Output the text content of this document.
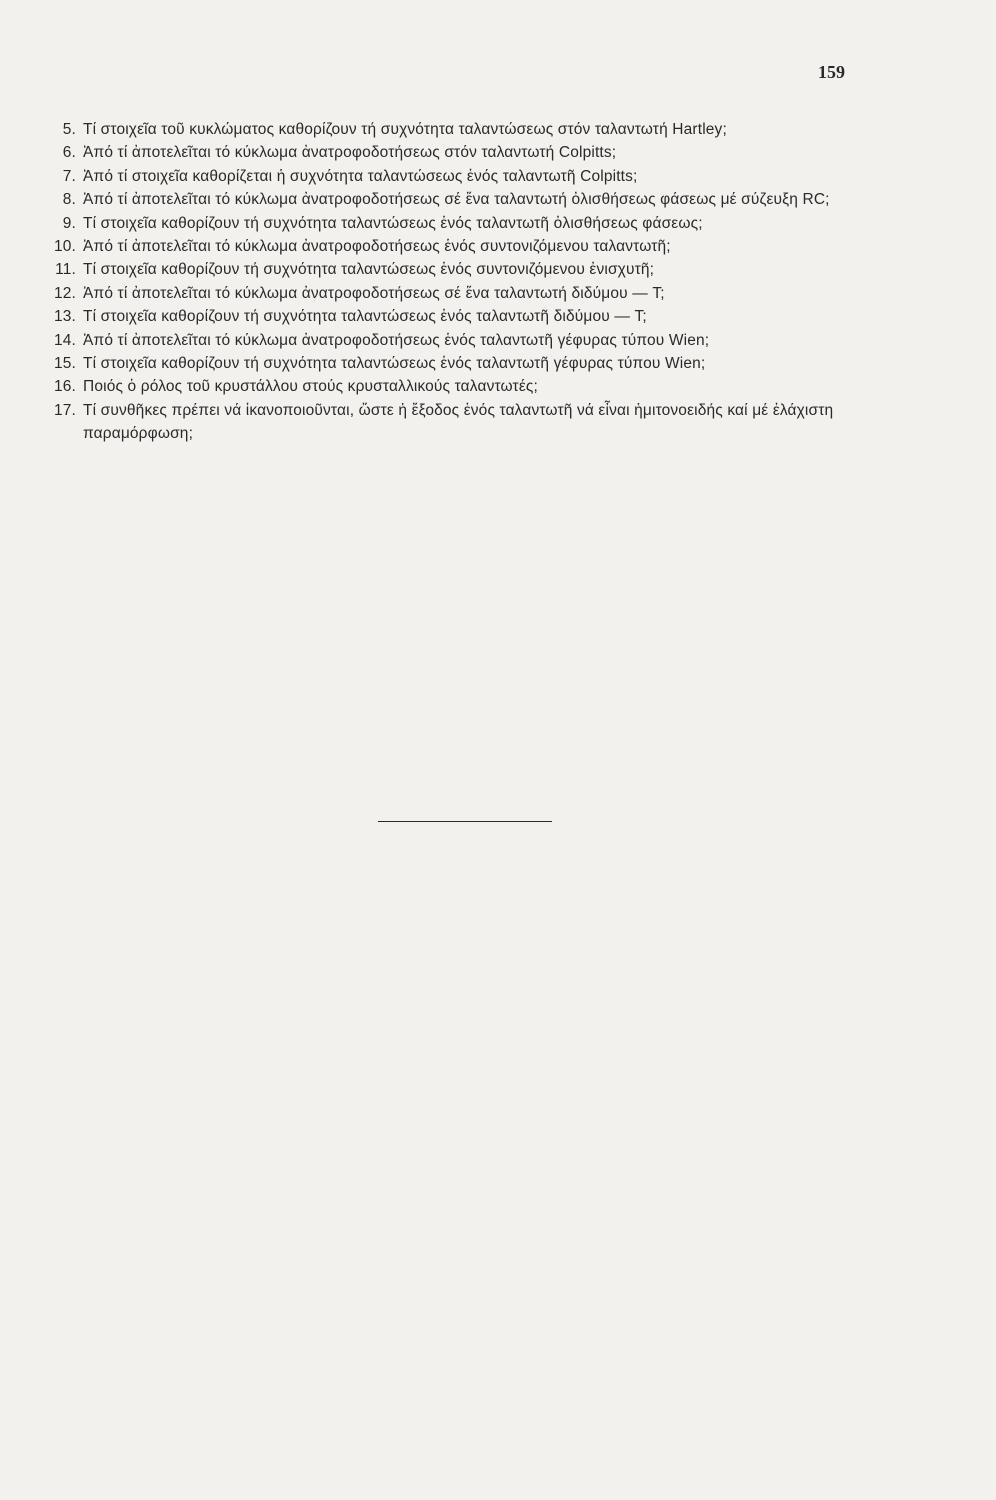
159
5. Τί στοιχεῖα τοῦ κυκλώματος καθορίζουν τή συχνότητα ταλαντώσεως στόν ταλαντωτή Hartley;
6. Ἀπό τί ἀποτελεῖται τό κύκλωμα ἀνατροφοδοτήσεως στόν ταλαντωτή Colpitts;
7. Ἀπό τί στοιχεῖα καθορίζεται ἡ συχνότητα ταλαντώσεως ἑνός ταλαντωτῆ Colpitts;
8. Ἀπό τί ἀποτελεῖται τό κύκλωμα ἀνατροφοδοτήσεως σέ ἕνα ταλαντωτή ὀλισθήσεως φάσεως μέ σύζευξη RC;
9. Τί στοιχεῖα καθορίζουν τή συχνότητα ταλαντώσεως ἑνός ταλαντωτῆ ὀλισθήσεως φάσεως;
10. Ἀπό τί ἀποτελεῖται τό κύκλωμα ἀνατροφοδοτήσεως ἑνός συντονιζόμενου ταλαντωτῆ;
11. Τί στοιχεῖα καθορίζουν τή συχνότητα ταλαντώσεως ἑνός συντονιζόμενου ἐνισχυτῆ;
12. Ἀπό τί ἀποτελεῖται τό κύκλωμα ἀνατροφοδοτήσεως σέ ἕνα ταλαντωτή διδύμου — T;
13. Τί στοιχεῖα καθορίζουν τή συχνότητα ταλαντώσεως ἑνός ταλαντωτῆ διδύμου — T;
14. Ἀπό τί ἀποτελεῖται τό κύκλωμα ἀνατροφοδοτήσεως ἑνός ταλαντωτῆ γέφυρας τύπου Wien;
15. Τί στοιχεῖα καθορίζουν τή συχνότητα ταλαντώσεως ἑνός ταλαντωτῆ γέφυρας τύπου Wien;
16. Ποιός ὁ ρόλος τοῦ κρυστάλλου στούς κρυσταλλικούς ταλαντωτές;
17. Τί συνθῆκες πρέπει νά ἱκανοποιοῦνται, ὥστε ἡ ἔξοδος ἑνός ταλαντωτῆ νά εἶναι ἡμιτονοειδής καί μέ ἐλάχιστη παραμόρφωση;
